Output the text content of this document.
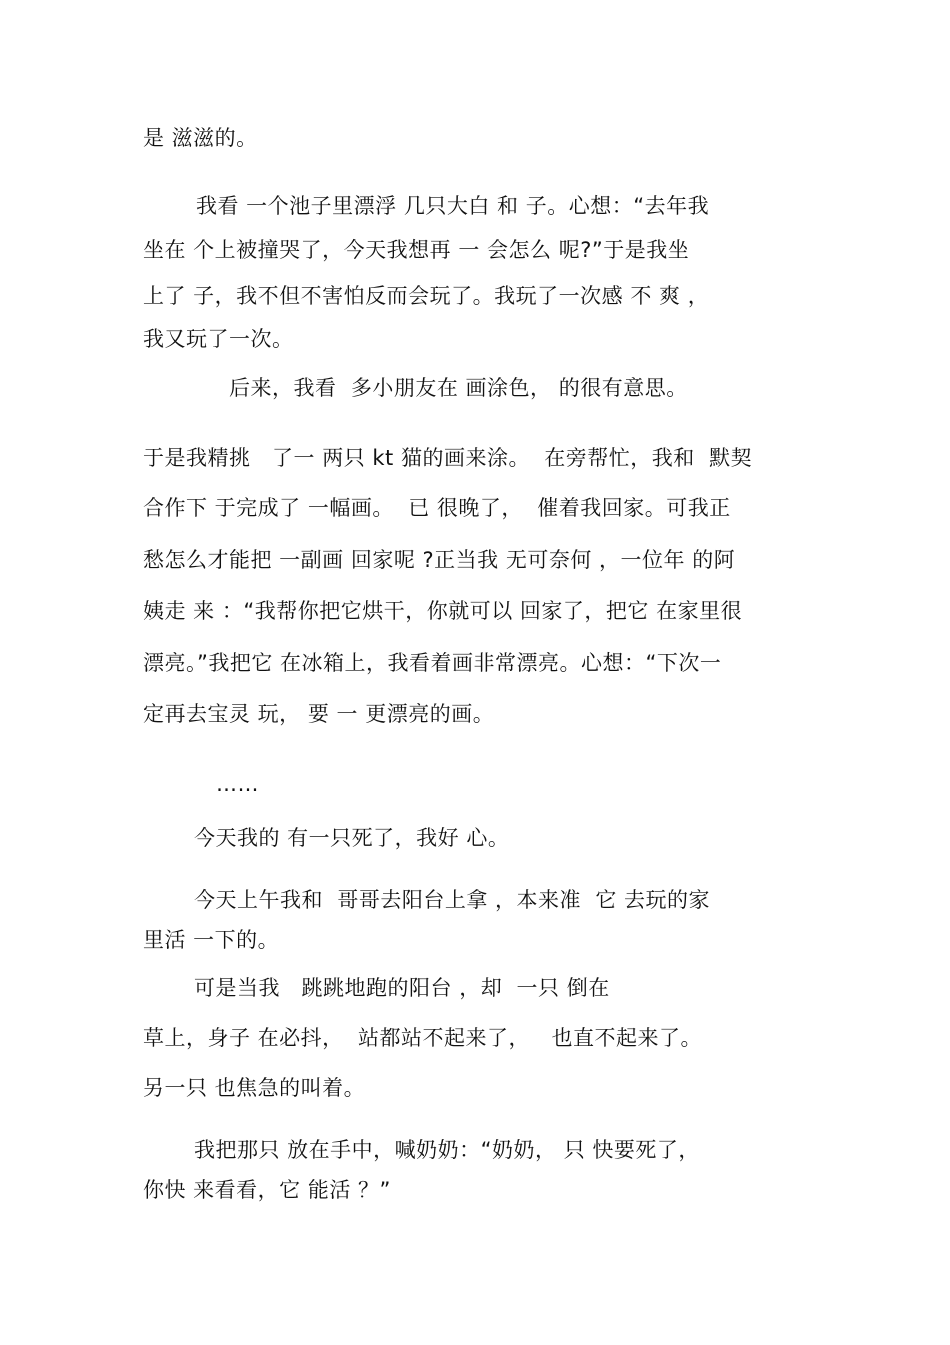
是 滋滋的。
我看 一个池子里漂浮 几只大白 和 子。心想：“去年我
坐在 个上被撞哭了，今天我想再 一 会怎么 呢?”于是我坐
上了 子，我不但不害怕反而会玩了。我玩了一次感 不 爽 ，
我又玩了一次。
后来，我看  多小朋友在 画涂色， 的很有意思。
于是我精挑   了一 两只 kt 猫的画来涂。  在旁帮忙，我和  默契
合作下 于完成了 一幅画。  已 很晚了，  催着我回家。可我正
愁怎么才能把 一副画 回家呢 ?正当我 无可奈何 ，一位年 的阿
姨走 来 ：“我帮你把它烘干，你就可以 回家了，把它 在家里很
漂亮。”我把它 在冰箱上，我看着画非常漂亮。心想：“下次一
定再去宝灵 玩， 要 一 更漂亮的画。
……
今天我的 有一只死了，我好 心。
今天上午我和  哥哥去阳台上拿 ，本来准  它 去玩的家
里活 一下的。
可是当我   跳跳地跑的阳台 ，却  一只 倒在
草上，身子 在必抖，  站都站不起来了，   也直不起来了。
另一只 也焦急的叫着。
我把那只 放在手中，喊奶奶：“奶奶， 只 快要死了，
你快 来看看，它 能活 ？”
